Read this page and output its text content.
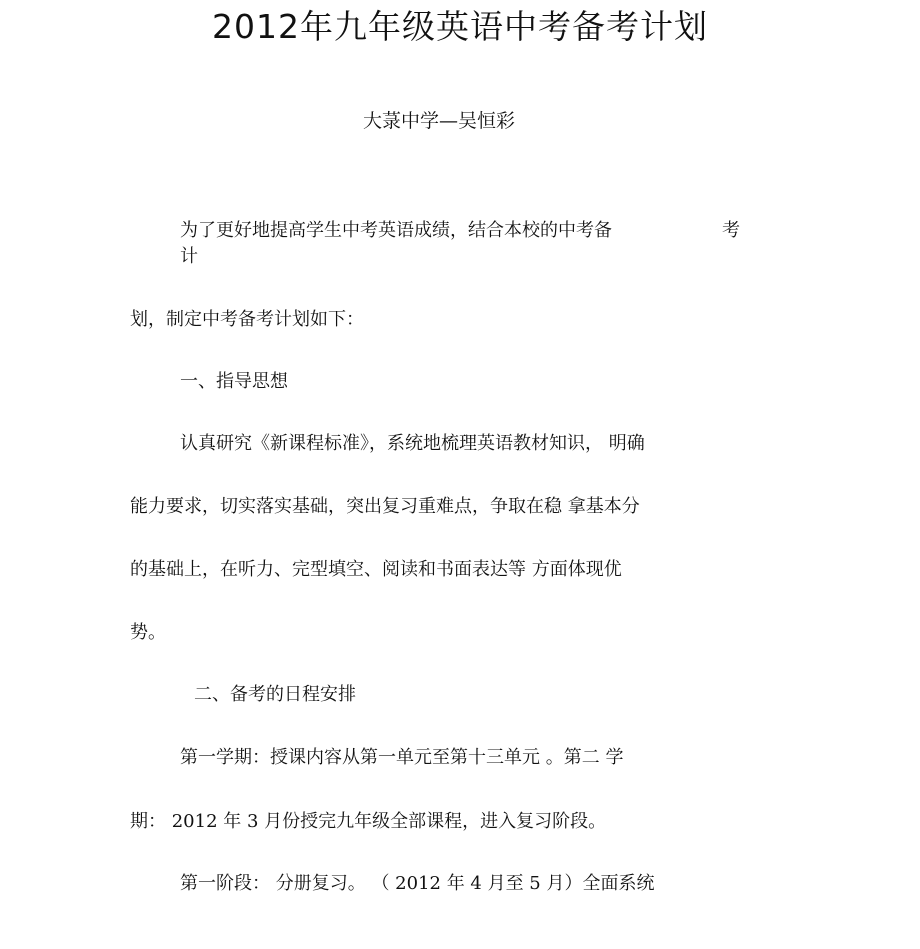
2012年九年级英语中考备考计划
大菉中学—吴恒彩
为了更好地提高学生中考英语成绩，结合本校的中考备	考
计
划，制定中考备考计划如下：
一、指导思想
认真研究《新课程标准》，系统地梳理英语教材知识， 明确
能力要求，切实落实基础，突出复习重难点，争取在稳 拿基本分
的基础上，在听力、完型填空、阅读和书面表达等 方面体现优
势。
二、备考的日程安排
第一学期：授课内容从第一单元至第十三单元 。第二 学
期： 2012 年 3 月份授完九年级全部课程，进入复习阶段。
第一阶段： 分册复习。 （ 2012 年 4 月至 5 月）全面系统
